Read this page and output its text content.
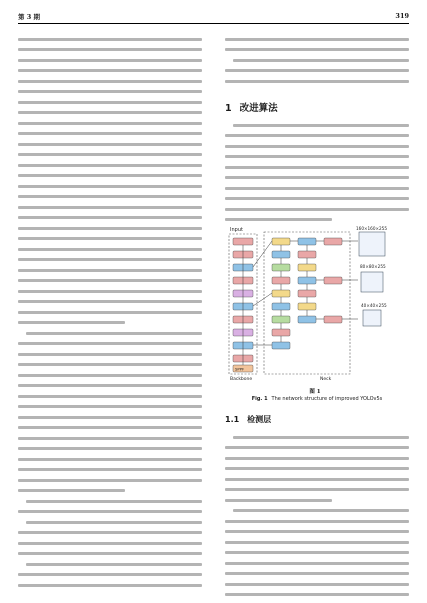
第 3 期	319
1 改进算法
Input
Backbone	Neck
SPPF
160×160×255
80×80×255
40×40×255
图 1
Fig. 1 The network structure of improved YOLOv5s
1.1 检测层
